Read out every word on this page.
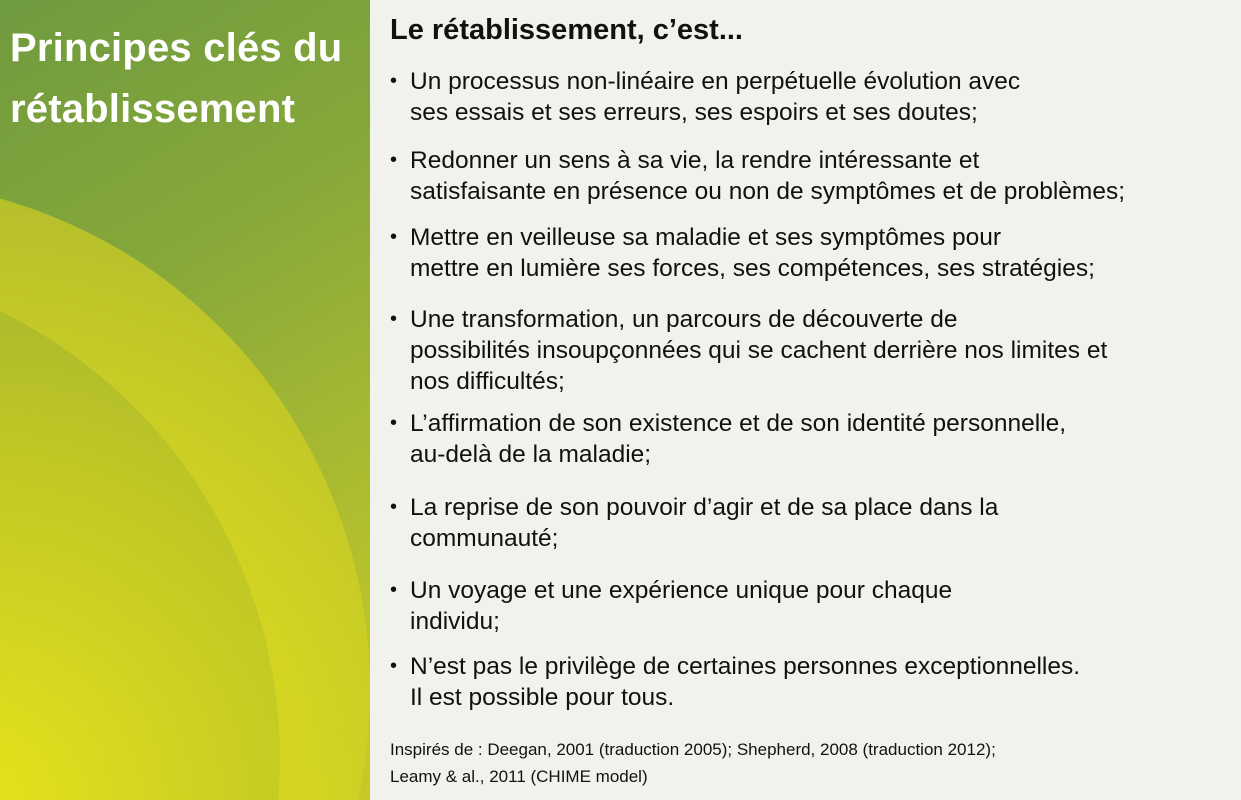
Principes clés du rétablissement
Le rétablissement, c’est...
• Un processus non-linéaire en perpétuelle évolution avec
ses essais et ses erreurs, ses espoirs et ses doutes;
• Redonner un sens à sa vie, la rendre intéressante et
satisfaisante en présence ou non de symptômes et de problèmes;
• Mettre en veilleuse sa maladie et ses symptômes pour
mettre en lumière ses forces, ses compétences, ses stratégies;
• Une transformation, un parcours de découverte de
possibilités insoupçonnées qui se cachent derrière nos limites et
nos difficultés;
• L’affirmation de son existence et de son identité personnelle,
au-delà de la maladie;
• La reprise de son pouvoir d’agir et de sa place dans la
communauté;
• Un voyage et une expérience unique pour chaque
individu;
• N’est pas le privilège de certaines personnes exceptionnelles.
Il est possible pour tous.
Inspirés de : Deegan, 2001 (traduction 2005); Shepherd, 2008 (traduction 2012);
Leamy & al., 2011 (CHIME model)
